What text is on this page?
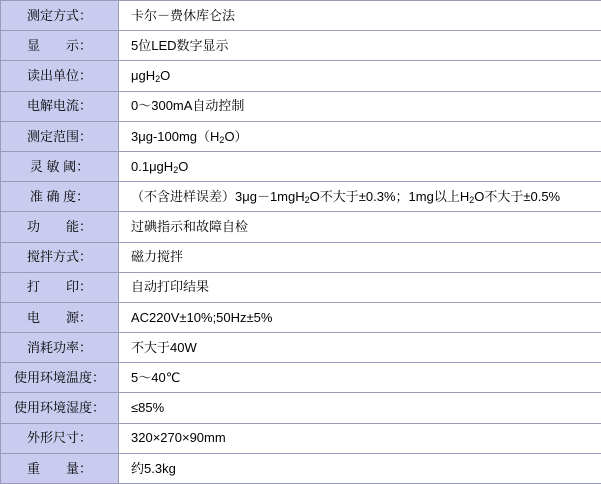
测定方式：	卡尔－费休库仑法
显　　示：	5位LED数字显示
读出单位：	μgH$_2$O
电解电流：	0～300mA自动控制
测定范围：	$3\mu g-100mg(H_2O)$
灵 敏 阈：	0.1μgH$_2$O
准 确 度：	（不含进样误差）3μg－1mgH$_2$O不大于±0.3%；1mg以上$H_2O$不大于±0.5%
功　　能：	过碘指示和故障自检
搅拌方式：	磁力搅拌
打　　印：	自动打印结果
电　　源：	AC220V±10%;50Hz±5%
消耗功率：	不大于40W
使用环境温度：	5～40℃
使用环境湿度：	≤85%
外形尺寸：	320×270×90mm
重　　量：	约5.3kg
